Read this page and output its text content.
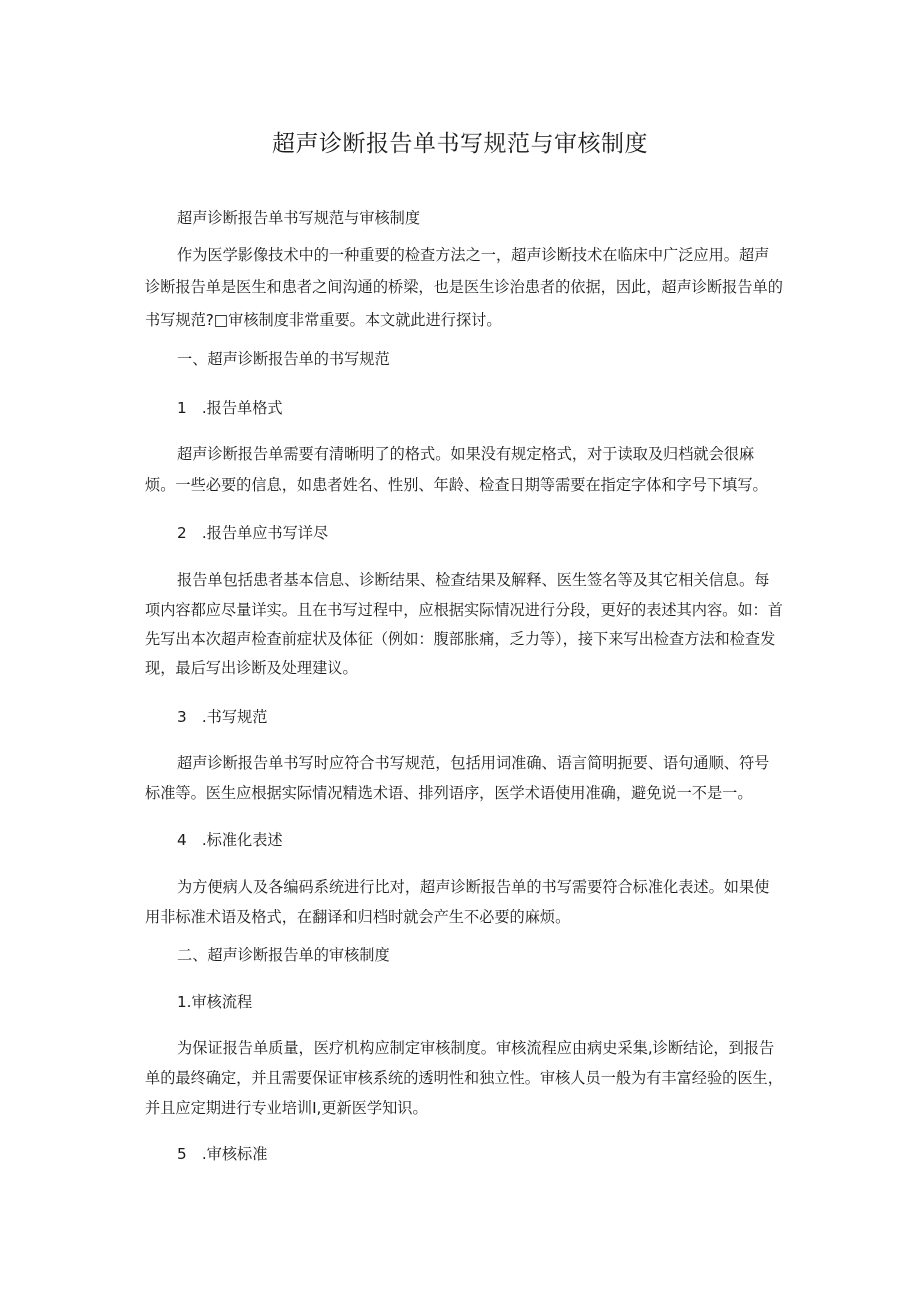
超声诊断报告单书写规范与审核制度
超声诊断报告单书写规范与审核制度
作为医学影像技术中的一种重要的检查方法之一，超声诊断技术在临床中广泛应用。超声
诊断报告单是医生和患者之间沟通的桥梁，也是医生诊治患者的依据，因此，超声诊断报告单的
书写规范?□审核制度非常重要。本文就此进行探讨。
一、超声诊断报告单的书写规范
1　.报告单格式
超声诊断报告单需要有清晰明了的格式。如果没有规定格式，对于读取及归档就会很麻
烦。一些必要的信息，如患者姓名、性别、年龄、检查日期等需要在指定字体和字号下填写。
2　.报告单应书写详尽
报告单包括患者基本信息、诊断结果、检查结果及解释、医生签名等及其它相关信息。每
项内容都应尽量详实。且在书写过程中，应根据实际情况进行分段，更好的表述其内容。如：首
先写出本次超声检查前症状及体征（例如：腹部胀痛，乏力等），接下来写出检查方法和检查发
现，最后写出诊断及处理建议。
3　.书写规范
超声诊断报告单书写时应符合书写规范，包括用词准确、语言简明扼要、语句通顺、符号
标准等。医生应根据实际情况精选术语、排列语序，医学术语使用准确，避免说一不是一。
4　.标准化表述
为方便病人及各编码系统进行比对，超声诊断报告单的书写需要符合标准化表述。如果使
用非标准术语及格式，在翻译和归档时就会产生不必要的麻烦。
二、超声诊断报告单的审核制度
1.审核流程
为保证报告单质量，医疗机构应制定审核制度。审核流程应由病史采集,诊断结论，到报告
单的最终确定，并且需要保证审核系统的透明性和独立性。审核人员一般为有丰富经验的医生，
并且应定期进行专业培训Ⅰ,更新医学知识。
5　.审核标准
